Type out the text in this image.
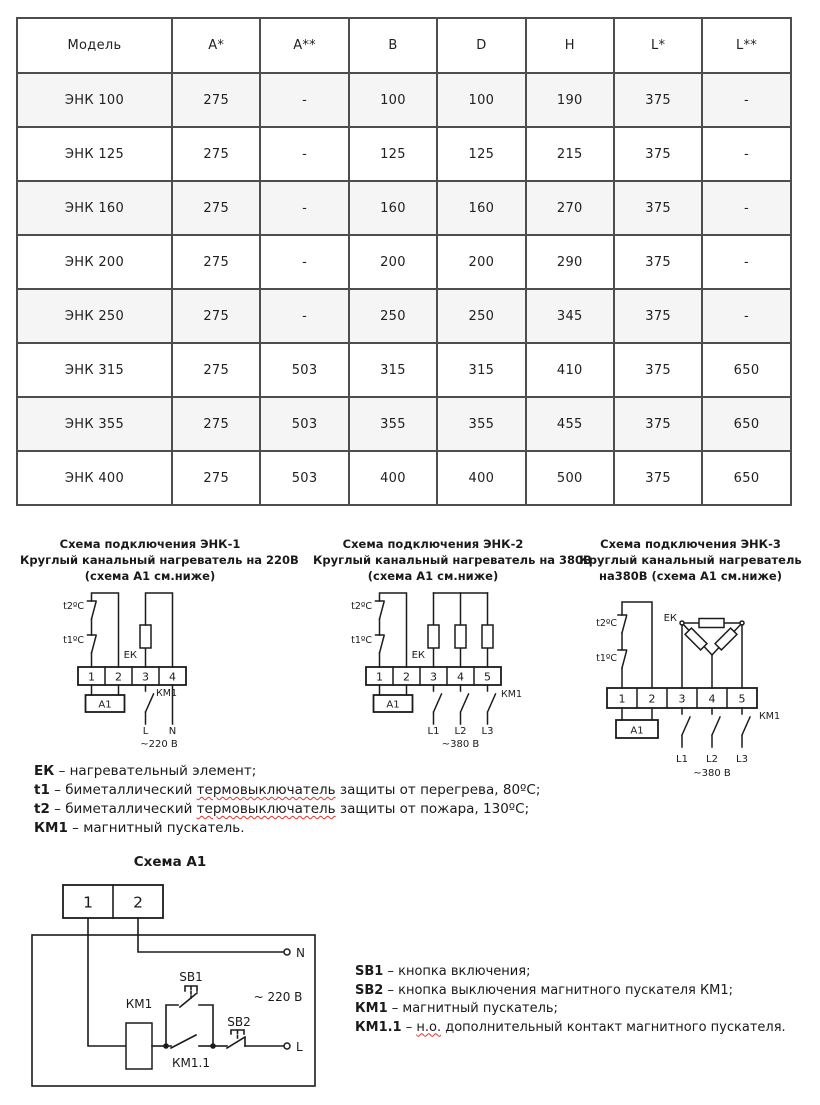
Модель	A*	A**	B	D	H	L*	L**
ЭНК 100	275	-	100	100	190	375	-
ЭНК 125	275	-	125	125	215	375	-
ЭНК 160	275	-	160	160	270	375	-
ЭНК 200	275	-	200	200	290	375	-
ЭНК 250	275	-	250	250	345	375	-
ЭНК 315	275	503	315	315	410	375	650
ЭНК 355	275	503	355	355	455	375	650
ЭНК 400	275	503	400	400	500	375	650
Схема подключения ЭНК-1
Круглый канальный нагреватель на 220В
(схема А1 см.ниже)
Схема подключения ЭНК-2
Круглый канальный нагреватель на 380В
(схема А1 см.ниже)
Схема подключения ЭНК-3
Круглый канальный нагреватель
на380В (схема А1 см.ниже)
1 2 3 4
А1
КМ1
t2ºC
t1ºC
ЕК
L N
~220 В
1 2 3 4 5
А1
КМ1
t2ºC
t1ºC
ЕК
L1 L2 L3
~380 В
1 2 3 4 5
А1
КМ1
t2ºC
t1ºC
ЕК
L1 L2 L3
~380 В
ЕК – нагревательный элемент;
t1 – биметаллический термовыключатель защиты от перегрева, 80ºС;
t2 – биметаллический термовыключатель защиты от пожара, 130ºС;
КМ1 – магнитный пускатель.
Схема А1
1	2
N
КМ1
КМ1.1
SB1
SB2
L
~ 220 В
SB1 – кнопка включения;
SB2 – кнопка выключения магнитного пускателя КМ1;
КМ1 – магнитный пускатель;
КМ1.1 – н.о. дополнительный контакт магнитного пускателя.
